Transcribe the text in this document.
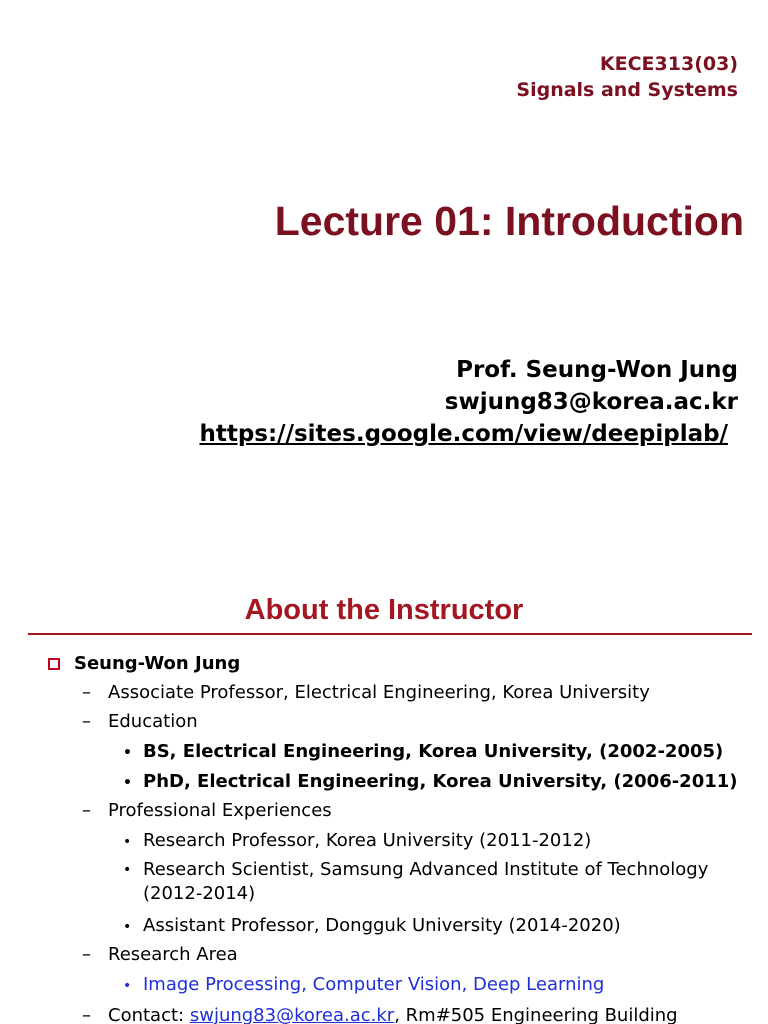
KECE313(03)
Signals and Systems
Lecture 01: Introduction
Prof. Seung-Won Jung
swjung83@korea.ac.kr
https://sites.google.com/view/deepiplab/
About the Instructor
Seung-Won Jung
– Associate Professor, Electrical Engineering, Korea University
– Education
• BS, Electrical Engineering, Korea University, (2002-2005)
• PhD, Electrical Engineering, Korea University, (2006-2011)
– Professional Experiences
• Research Professor, Korea University (2011-2012)
• Research Scientist, Samsung Advanced Institute of Technology (2012-2014)
• Assistant Professor, Dongguk University (2014-2020)
– Research Area
• Image Processing, Computer Vision, Deep Learning
– Contact: swjung83@korea.ac.kr, Rm#505 Engineering Building
